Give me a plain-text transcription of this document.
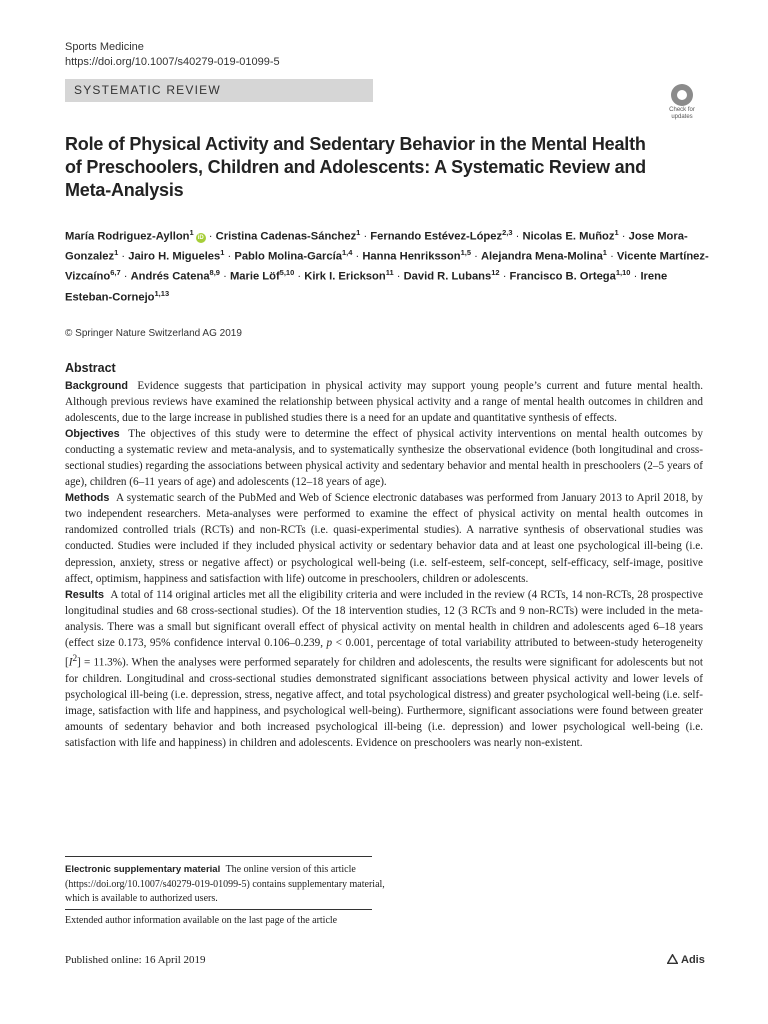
Sports Medicine
https://doi.org/10.1007/s40279-019-01099-5
SYSTEMATIC REVIEW
Check for updates
Role of Physical Activity and Sedentary Behavior in the Mental Health of Preschoolers, Children and Adolescents: A Systematic Review and Meta-Analysis
María Rodriguez-Ayllon$^1$iD · Cristina Cadenas-Sánchez$^1$ · Fernando Estévez-López$^{2,3}$ · Nicolas E. Muñoz$^1$ · Jose Mora-Gonzalez$^1$ · Jairo H. Migueles$^1$ · Pablo Molina-García$^{1,4}$ · Hanna Henriksson$^{1,5}$ · Alejandra Mena-Molina$^1$ · Vicente Martínez-Vizcaíno$^{6,7}$ · Andrés Catena$^{8,9}$ · Marie Löf$^{5,10}$ · Kirk I. Erickson$^{11}$ · David R. Lubans$^{12}$ · Francisco B. Ortega$^{1,10}$ · Irene Esteban-Cornejo$^{1,13}$
© Springer Nature Switzerland AG 2019
Abstract

Background Evidence suggests that participation in physical activity may support young people’s current and future mental health. Although previous reviews have examined the relationship between physical activity and a range of mental health outcomes in children and adolescents, due to the large increase in published studies there is a need for an update and quantitative synthesis of effects.

Objectives The objectives of this study were to determine the effect of physical activity interventions on mental health outcomes by conducting a systematic review and meta-analysis, and to systematically synthesize the observational evidence (both longitudinal and cross-sectional studies) regarding the associations between physical activity and sedentary behavior and mental health in preschoolers (2–5 years of age), children (6–11 years of age) and adolescents (12–18 years of age).

Methods A systematic search of the PubMed and Web of Science electronic databases was performed from January 2013 to April 2018, by two independent researchers. Meta-analyses were performed to examine the effect of physical activity on mental health outcomes in randomized controlled trials (RCTs) and non-RCTs (i.e. quasi-experimental studies). A narrative synthesis of observational studies was conducted. Studies were included if they included physical activity or sedentary behavior data and at least one psychological ill-being (i.e. depression, anxiety, stress or negative affect) or psychological well-being (i.e. self-esteem, self-concept, self-efficacy, self-image, positive affect, optimism, happiness and satisfaction with life) outcome in preschoolers, children or adolescents.

Results A total of 114 original articles met all the eligibility criteria and were included in the review (4 RCTs, 14 non-RCTs, 28 prospective longitudinal studies and 68 cross-sectional studies). Of the 18 intervention studies, 12 (3 RCTs and 9 non-RCTs) were included in the meta-analysis. There was a small but significant overall effect of physical activity on mental health in children and adolescents aged 6–18 years (effect size 0.173, 95% confidence interval 0.106–0.239, p < 0.001, percentage of total variability attributed to between-study heterogeneity $[I^2] = 11.3\%$). When the analyses were performed separately for children and adolescents, the results were significant for adolescents but not for children. Longitudinal and cross-sectional studies demonstrated significant associations between physical activity and lower levels of psychological ill-being (i.e. depression, stress, negative affect, and total psychological distress) and greater psychological well-being (i.e. self-image, satisfaction with life and happiness, and psychological well-being). Furthermore, significant associations were found between greater amounts of sedentary behavior and both increased psychological ill-being (i.e. depression) and lower psychological well-being (i.e. satisfaction with life and happiness) in children and adolescents. Evidence on preschoolers was nearly non-existent.

Electronic supplementary material The online version of this article (https://doi.org/10.1007/s40279-019-01099-5) contains supplementary material, which is available to authorized users.
Extended author information available on the last page of the article
Published online: 16 April 2019	Adis
